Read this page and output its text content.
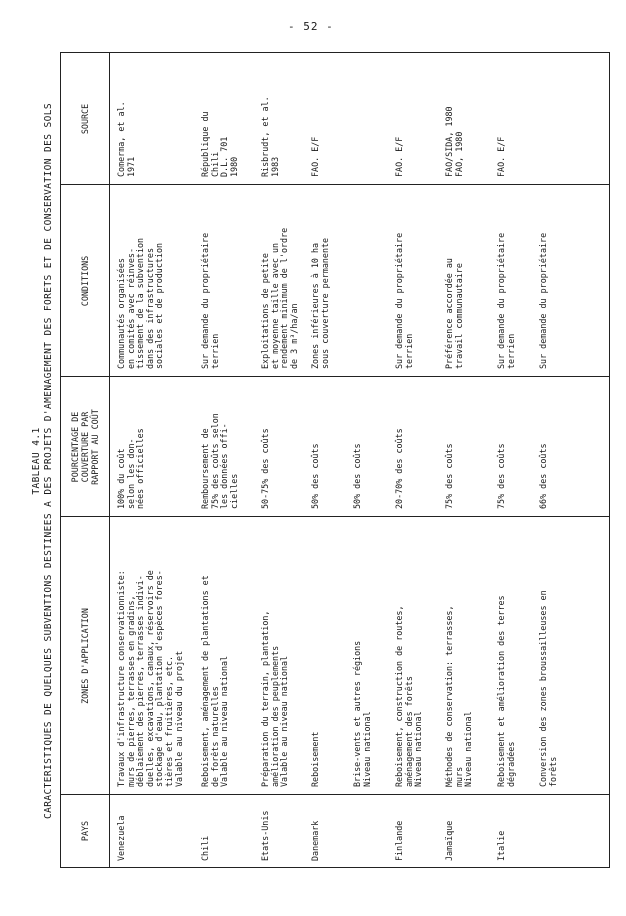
- 52 -
TABLEAU 4.1 CARACTERISTIQUES DE QUELQUES SUBVENTIONS DESTINEES A DES PROJETS D'AMENAGEMENT DES FORETS ET DE CONSERVATION DES SOLS
PAYS
ZONES D'APPLICATION
POURCENTAGE DE
COUVERTURE PAR
RAPPORT AU COÛT
CONDITIONS
SOURCE
Venezuela
Travaux d'infrastructure conservationniste:
murs de pierres, terrasses en gradins,
déblaiement des pierres, terrasses indivi-
duelles, excavations, canaux, réservoirs de
stockage d'eau, plantation d'espèces fores-
tières et fruitières, etc.
Valable au niveau du projet
100% du coût
selon les don-
nées officielles
Communautés organisées
en comités avec réinves-
tissement de la subvention
dans des infrastructures
sociales et de production
Comerma, et al.
1971
Chili
Reboisement, aménagement de plantations et
de forêts naturelles
Valable au niveau national
Remboursement de
75% des coûts selon
les données offi-
cielles
Sur demande du propriétaire
terrien
République du
Chili
D.L. 701
1980
Etats-Unis
Préparation du terrain, plantation,
amélioration des peuplements
Valable au niveau national
50-75% des coûts
Exploitations de petite
et moyenne taille avec un
rendement minimum de l'ordre
de 3 m³/ha/an
Risbrudt, et al.
1983
Danemark
Reboisement
50% des coûts
Zones inférieures à 10 ha
sous couverture permanente
FAO. E/F
Brise-vents et autres régions
Niveau national
50% des coûts
Finlande
Reboisement, construction de routes,
aménagement des forêts
Niveau national
20-70% des coûts
Sur demande du propriétaire
terrien
FAO. E/F
Jamaïque
Méthodes de conservation: terrasses,
murs
Niveau national
75% des coûts
Préférence accordée au
travail communautaire
FAO/SIDA, 1980
FAO, 1980
Italie
Reboisement et amélioration des terres
dégradées
75% des coûts
Sur demande du propriétaire
terrien
FAO. E/F
Conversion des zones broussailleuses en
forêts
66% des coûts
Sur demande du propriétaire
